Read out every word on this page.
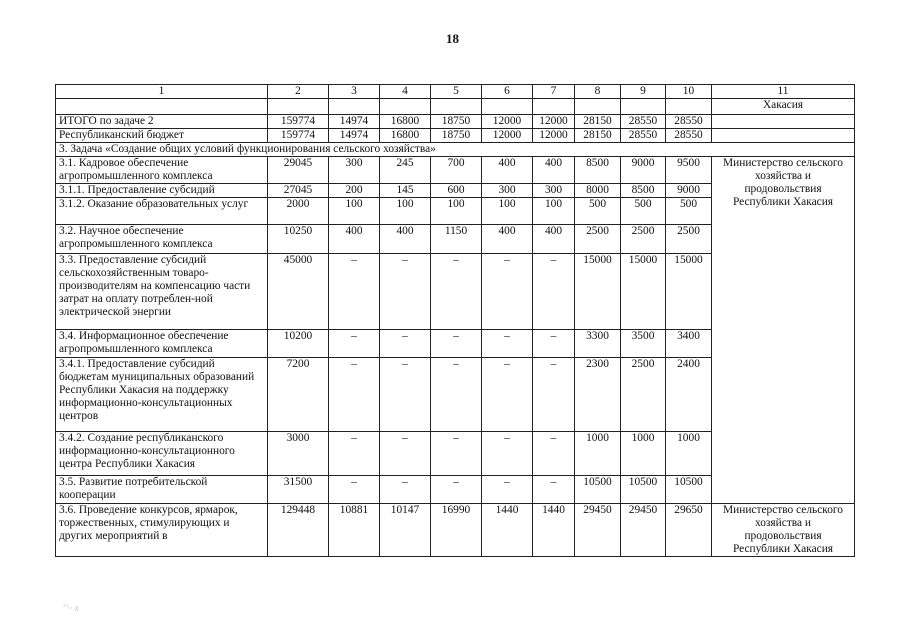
18
1	2	3	4	5	6	7	8	9	10	11
										Хакасия
ИТОГО по задаче 2	159774	14974	16800	18750	12000	12000	28150	28550	28550	
Республиканский бюджет	159774	14974	16800	18750	12000	12000	28150	28550	28550	
3. Задача «Создание общих условий функционирования сельского хозяйства»										
3.1. Кадровое обеспечение агропромышленного комплекса	29045	300	245	700	400	400	8500	9000	9500	Министерство сельского хозяйства и продовольствия Республики Хакасия

3.1.1. Предоставление субсидий	27045	200	145	600	300	300	8000	8500	9000	
3.1.2. Оказание образовательных услуг	2000	100	100	100	100	100	500	500	500	
3.2. Научное обеспечение агропромышленного комплекса	10250	400	400	1150	400	400	2500	2500	2500	
3.3. Предоставление субсидий сельскохозяйственным товаро-производителям на компенсацию части затрат на оплату потреблен-ной электрической энергии	45000	–	–	–	–	–	15000	15000	15000	
3.4. Информационное обеспечение агропромышленного комплекса	10200	–	–	–	–	–	3300	3500	3400	
3.4.1. Предоставление субсидий бюджетам муниципальных образований Республики Хакасия на поддержку информационно-консультационных центров	7200	–	–	–	–	–	2300	2500	2400	
3.4.2. Создание республиканского информационно-консультационного центра Республики Хакасия	3000	–	–	–	–	–	1000	1000	1000	
3.5. Развитие потребительской кооперации	31500	–	–	–	–	–	10500	10500	10500	
3.6. Проведение конкурсов, ярмарок, торжественных, стимулирующих и других мероприятий в	129448	10881	10147	16990	1440	1440	29450	29450	29650	Министерство сельского хозяйства и продовольствия Республики Хакасия
ʼʼ·· x
